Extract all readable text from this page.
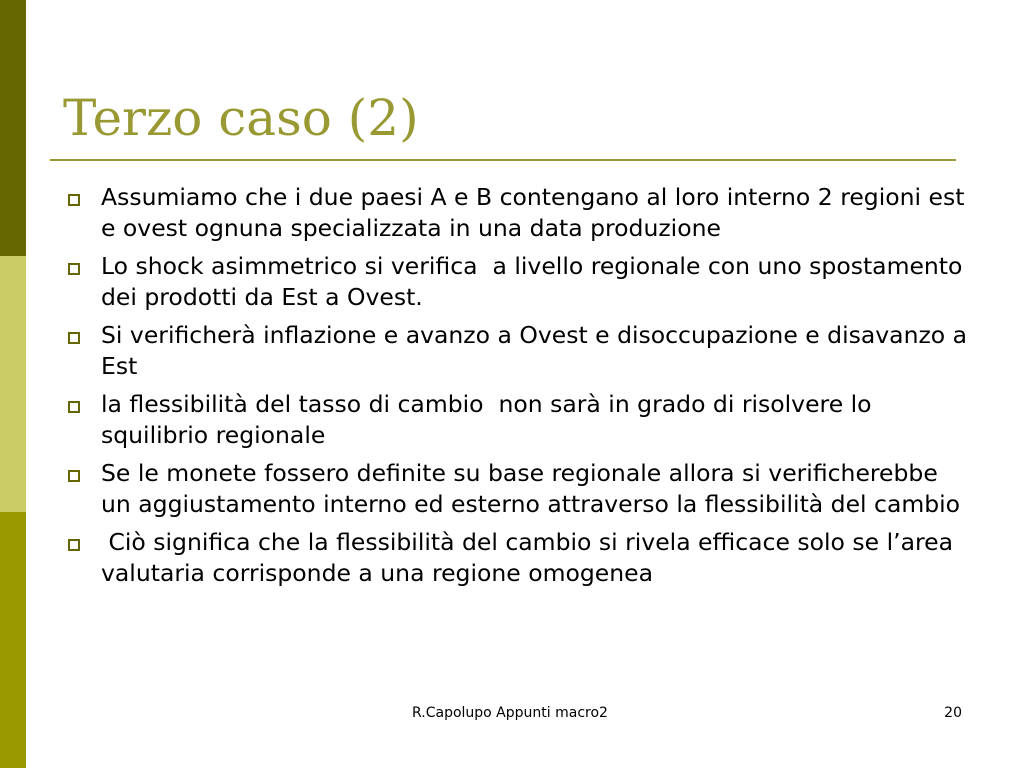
Terzo caso (2)
Assumiamo che i due paesi A e B contengano al loro interno 2 regioni est e ovest ognuna specializzata in una data produzione
Lo shock asimmetrico si verifica  a livello regionale con uno spostamento dei prodotti da Est a Ovest.
Si verificherà inflazione e avanzo a Ovest e disoccupazione e disavanzo a Est
la flessibilità del tasso di cambio  non sarà in grado di risolvere lo squilibrio regionale
Se le monete fossero definite su base regionale allora si verificherebbe un aggiustamento interno ed esterno attraverso la flessibilità del cambio
Ciò significa che la flessibilità del cambio si rivela efficace solo se l’area valutaria corrisponde a una regione omogenea
R.Capolupo Appunti macro2	20
